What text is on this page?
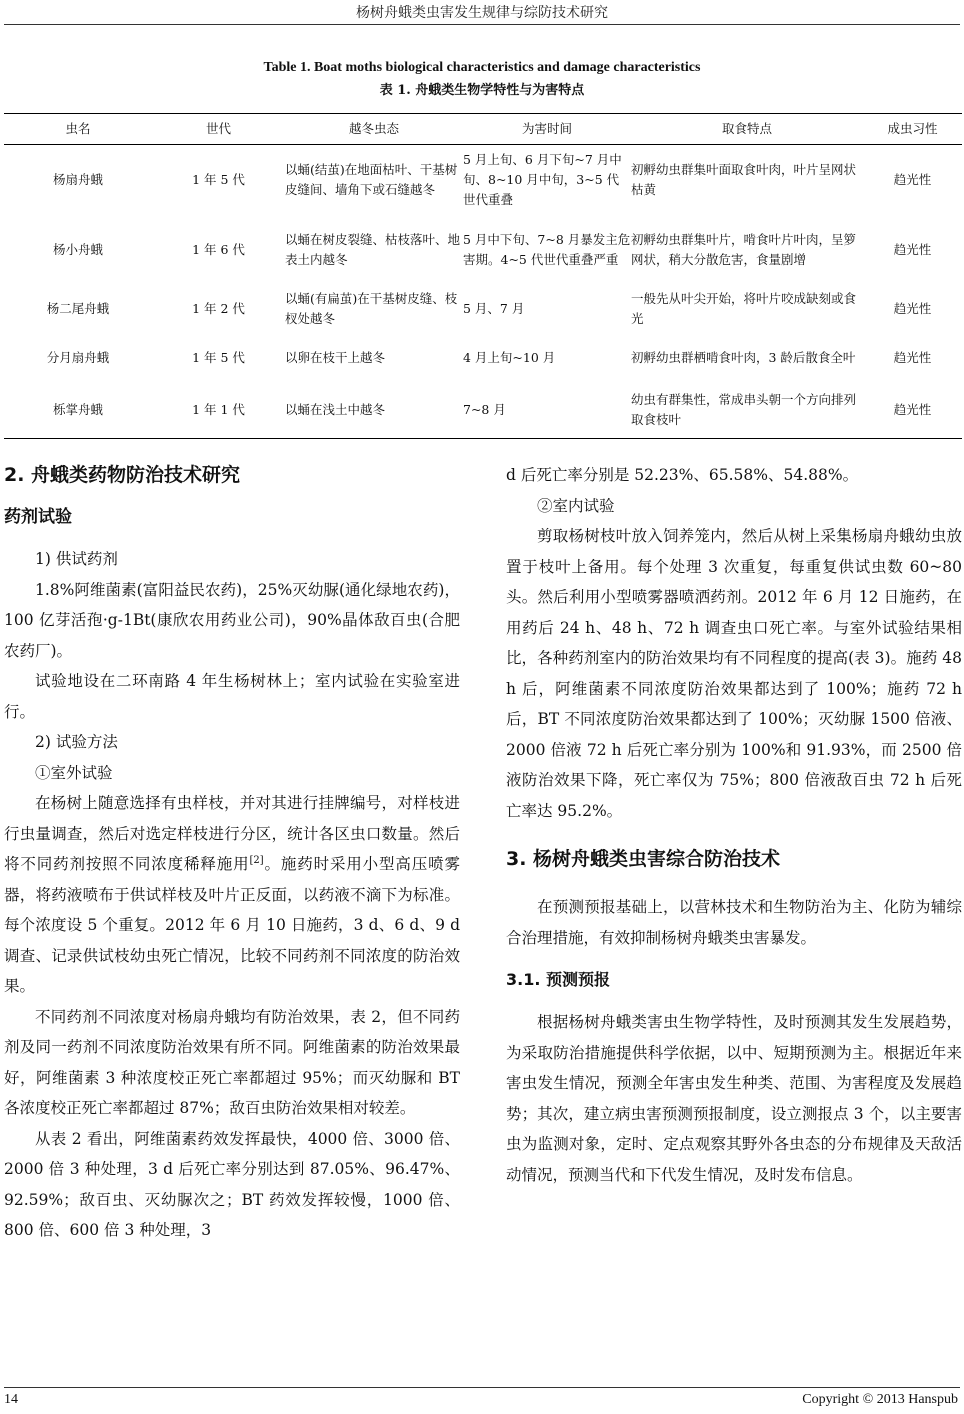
杨树舟蛾类虫害发生规律与综防技术研究
Table 1. Boat moths biological characteristics and damage characteristics
表 1. 舟蛾类生物学特性与为害特点
虫名	世代	越冬虫态	为害时间	取食特点	成虫习性
杨扇舟蛾	1 年 5 代	以蛹(结茧)在地面枯叶、干基树皮缝间、墙角下或石缝越冬	5 月上旬、6 月下旬~7 月中旬、8~10 月中旬，3~5 代世代重叠	初孵幼虫群集叶面取食叶肉，叶片呈网状枯黄	趋光性
杨小舟蛾	1 年 6 代	以蛹在树皮裂缝、枯枝落叶、地表土内越冬	5 月中下旬、7~8 月暴发主危害期。4~5 代世代重叠严重	初孵幼虫群集叶片，啃食叶片叶肉，呈箩网状，稍大分散危害，食量剧增	趋光性
杨二尾舟蛾	1 年 2 代	以蛹(有扁茧)在干基树皮缝、枝杈处越冬	5 月、7 月	一般先从叶尖开始，将叶片咬成缺刻或食光	趋光性
分月扇舟蛾	1 年 5 代	以卵在枝干上越冬	4 月上旬~10 月	初孵幼虫群栖啃食叶肉，3 龄后散食全叶	趋光性
栎掌舟蛾	1 年 1 代	以蛹在浅土中越冬	7~8 月	幼虫有群集性，常成串头朝一个方向排列取食枝叶	趋光性
2. 舟蛾类药物防治技术研究
药剂试验

1) 供试药剂

1.8%阿维菌素(富阳益民农药)，25%灭幼脲(通化绿地农药)，100 亿芽活孢·g-1Bt(康欣农用药业公司)，90%晶体敌百虫(合肥农药厂)。

试验地设在二环南路 4 年生杨树林上；室内试验在实验室进行。

2) 试验方法

①室外试验

在杨树上随意选择有虫样枝，并对其进行挂牌编号，对样枝进行虫量调查，然后对选定样枝进行分区，统计各区虫口数量。然后将不同药剂按照不同浓度稀释施用[2]。施药时采用小型高压喷雾器，将药液喷布于供试样枝及叶片正反面，以药液不滴下为标准。每个浓度设 5 个重复。2012 年 6 月 10 日施药，3 d、6 d、9 d 调查、记录供试枝幼虫死亡情况，比较不同药剂不同浓度的防治效果。

不同药剂不同浓度对杨扇舟蛾均有防治效果，表 2，但不同药剂及同一药剂不同浓度防治效果有所不同。阿维菌素的防治效果最好，阿维菌素 3 种浓度校正死亡率都超过 95%；而灭幼脲和 BT 各浓度校正死亡率都超过 87%；敌百虫防治效果相对较差。

从表 2 看出，阿维菌素药效发挥最快，4000 倍、3000 倍、2000 倍 3 种处理，3 d 后死亡率分别达到 87.05%、96.47%、92.59%；敌百虫、灭幼脲次之；BT 药效发挥较慢，1000 倍、800 倍、600 倍 3 种处理，3

d 后死亡率分别是 52.23%、65.58%、54.88%。

②室内试验

剪取杨树枝叶放入饲养笼内，然后从树上采集杨扇舟蛾幼虫放置于枝叶上备用。每个处理 3 次重复，每重复供试虫数 60~80 头。然后利用小型喷雾器喷洒药剂。2012 年 6 月 12 日施药，在用药后 24 h、48 h、72 h 调查虫口死亡率。与室外试验结果相比，各种药剂室内的防治效果均有不同程度的提高(表 3)。施药 48 h 后，阿维菌素不同浓度防治效果都达到了 100%；施药 72 h 后，BT 不同浓度防治效果都达到了 100%；灭幼脲 1500 倍液、2000 倍液 72 h 后死亡率分别为 100%和 91.93%，而 2500 倍液防治效果下降，死亡率仅为 75%；800 倍液敌百虫 72 h 后死亡率达 95.2%。

3. 杨树舟蛾类虫害综合防治技术

在预测预报基础上，以营林技术和生物防治为主、化防为辅综合治理措施，有效抑制杨树舟蛾类虫害暴发。

3.1. 预测预报

根据杨树舟蛾类害虫生物学特性，及时预测其发生发展趋势，为采取防治措施提供科学依据，以中、短期预测为主。根据近年来害虫发生情况，预测全年害虫发生种类、范围、为害程度及发展趋势；其次，建立病虫害预测预报制度，设立测报点 3 个，以主要害虫为监测对象，定时、定点观察其野外各虫态的分布规律及天敌活动情况，预测当代和下代发生情况，及时发布信息。

14	Copyright © 2013 Hanspub
